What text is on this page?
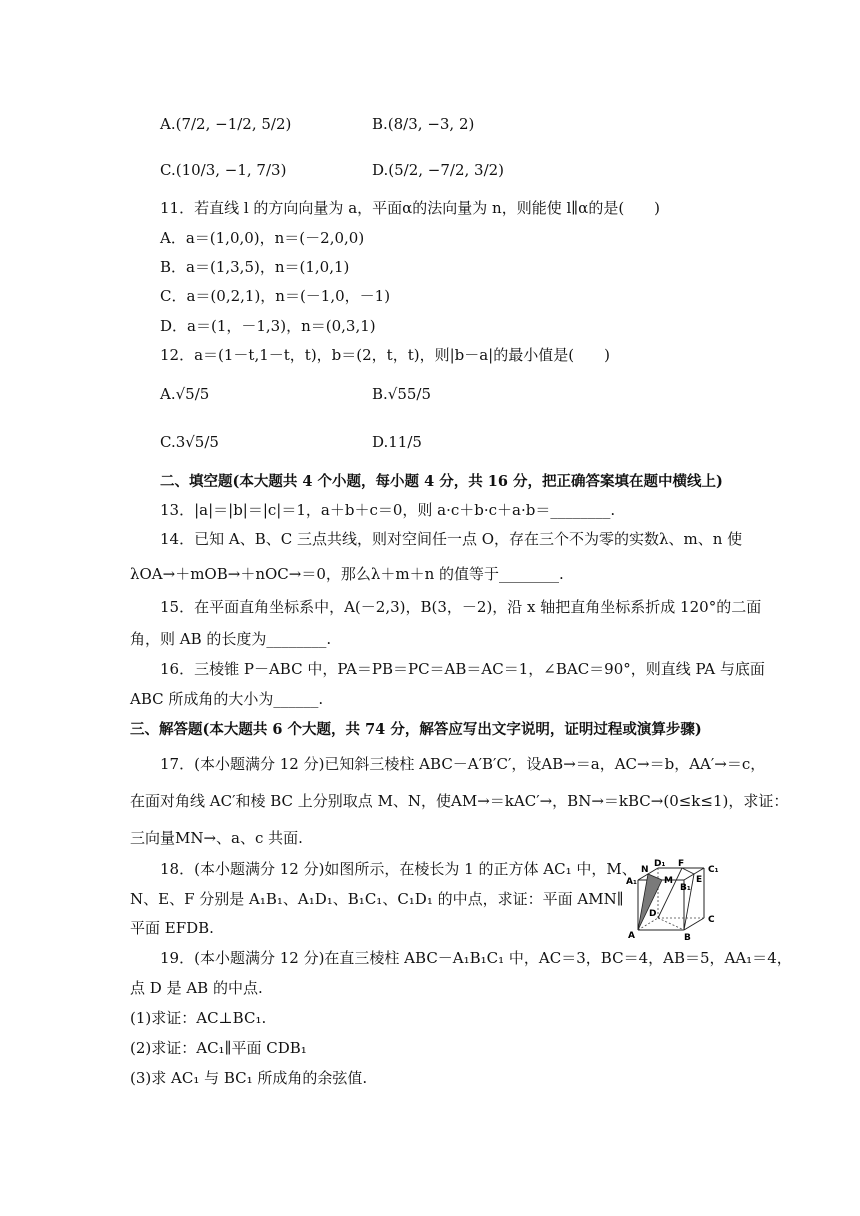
A.(7/2, −1/2, 5/2)	B.(8/3, −3, 2)
C.(10/3, −1, 7/3)	D.(5/2, −7/2, 3/2)
11．若直线 l 的方向向量为 a，平面α的法向量为 n，则能使 l∥α的是(　　)
A．a＝(1,0,0)，n＝(－2,0,0)
B．a＝(1,3,5)，n＝(1,0,1)
C．a＝(0,2,1)，n＝(－1,0，－1)
D．a＝(1，－1,3)，n＝(0,3,1)
12．a＝(1－t,1－t，t)，b＝(2，t，t)，则|b－a|的最小值是(　　)
A.√5/5	B.√55/5
C.3√5/5	D.11/5
二、填空题(本大题共 4 个小题，每小题 4 分，共 16 分，把正确答案填在题中横线上)
13．|a|＝|b|＝|c|＝1，a＋b＋c＝0，则 a·c＋b·c＋a·b＝________.
14．已知 A、B、C 三点共线，则对空间任一点 O，存在三个不为零的实数λ、m、n 使
λOA→＋mOB→＋nOC→＝0，那么λ＋m＋n 的值等于________.
15．在平面直角坐标系中，A(－2,3)，B(3，－2)，沿 x 轴把直角坐标系折成 120°的二面
角，则 AB 的长度为________.
16．三棱锥 P－ABC 中，PA＝PB＝PC＝AB＝AC＝1，∠BAC＝90°，则直线 PA 与底面
ABC 所成角的大小为______.
三、解答题(本大题共 6 个大题，共 74 分，解答应写出文字说明，证明过程或演算步骤)
17．(本小题满分 12 分)已知斜三棱柱 ABC－A′B′C′，设AB→＝a，AC→＝b，AA′→＝c，
在面对角线 AC′和棱 BC 上分别取点 M、N，使AM→＝kAC′→，BN→＝kBC→(0≤k≤1)，求证：
三向量MN→、a、c 共面.
18．(本小题满分 12 分)如图所示，在棱长为 1 的正方体 AC₁ 中，M、
N、E、F 分别是 A₁B₁、A₁D₁、B₁C₁、C₁D₁ 的中点，求证：平面 AMN∥
平面 EFDB.
A₁
N
D₁ F
C₁
M
B₁
E
D
C
A	B
19．(本小题满分 12 分)在直三棱柱 ABC－A₁B₁C₁ 中，AC＝3，BC＝4，AB＝5，AA₁＝4，
点 D 是 AB 的中点.
(1)求证：AC⊥BC₁.
(2)求证：AC₁∥平面 CDB₁
(3)求 AC₁ 与 BC₁ 所成角的余弦值.
